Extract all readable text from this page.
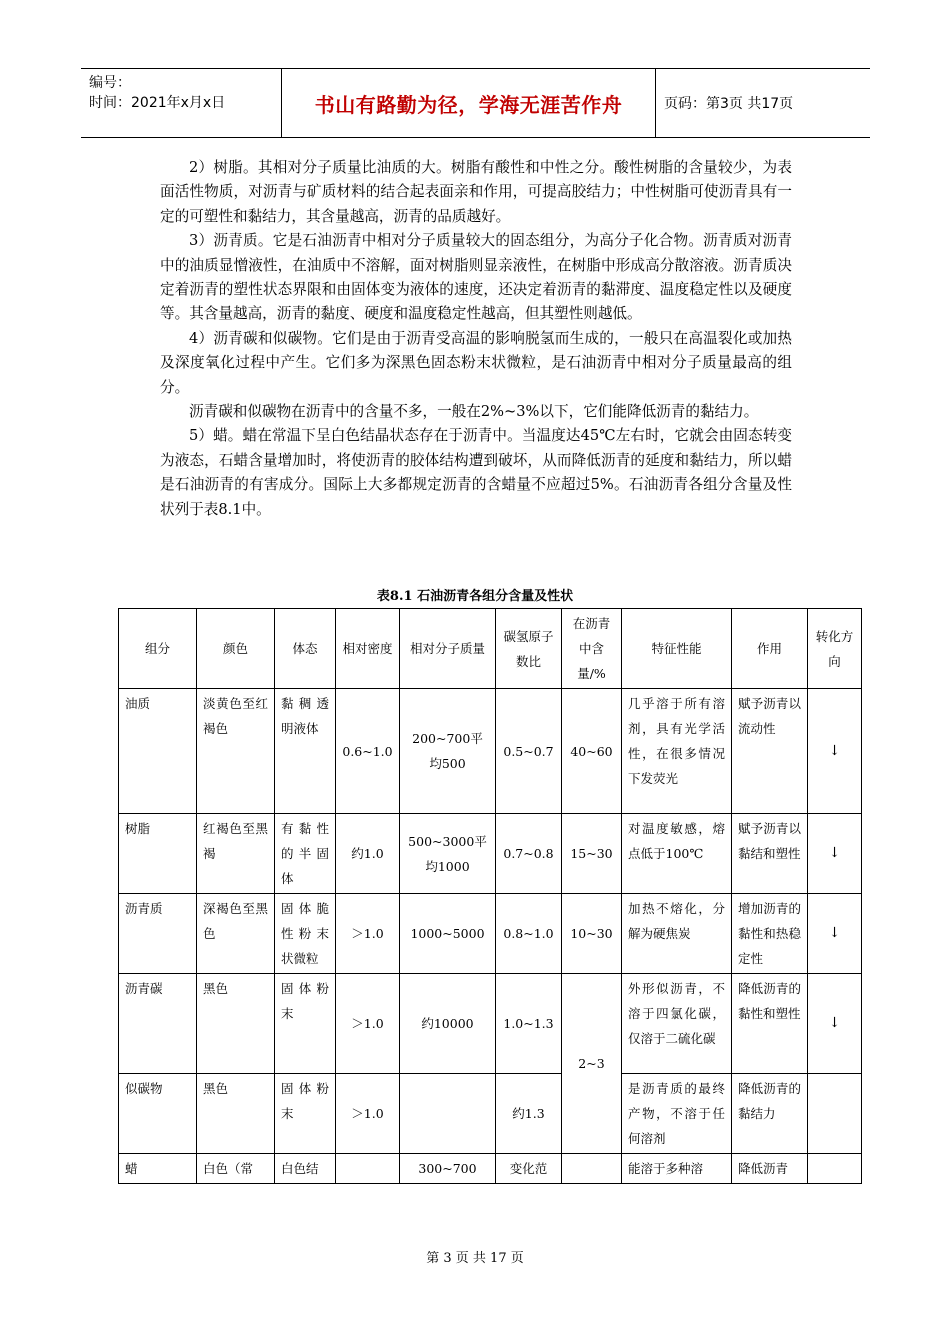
编号：
时间：2021年x月x日	书山有路勤为径，学海无涯苦作舟	页码：第3页 共17页

2）树脂。其相对分子质量比油质的大。树脂有酸性和中性之分。酸性树脂的含量较少，为表面活性物质，对沥青与矿质材料的结合起表面亲和作用，可提高胶结力；中性树脂可使沥青具有一定的可塑性和黏结力，其含量越高，沥青的品质越好。

3）沥青质。它是石油沥青中相对分子质量较大的固态组分，为高分子化合物。沥青质对沥青中的油质显憎液性，在油质中不溶解，面对树脂则显亲液性，在树脂中形成高分散溶液。沥青质决定着沥青的塑性状态界限和由固体变为液体的速度，还决定着沥青的黏滞度、温度稳定性以及硬度等。其含量越高，沥青的黏度、硬度和温度稳定性越高，但其塑性则越低。

4）沥青碳和似碳物。它们是由于沥青受高温的影响脱氢而生成的，一般只在高温裂化或加热及深度氧化过程中产生。它们多为深黑色固态粉末状微粒，是石油沥青中相对分子质量最高的组分。

沥青碳和似碳物在沥青中的含量不多，一般在2%~3%以下，它们能降低沥青的黏结力。

5）蜡。蜡在常温下呈白色结晶状态存在于沥青中。当温度达45℃左右时，它就会由固态转变为液态，石蜡含量增加时，将使沥青的胶体结构遭到破坏，从而降低沥青的延度和黏结力，所以蜡是石油沥青的有害成分。国际上大多都规定沥青的含蜡量不应超过5%。石油沥青各组分含量及性状列于表8.1中。

表8.1 石油沥青各组分含量及性状
组分	颜色	体态	相对密度	相对分子质量	碳氢原子数比	在沥青中含量/%	特征性能	作用	转化方向
油质	淡黄色至红褐色	黏稠透明液体	0.6~1.0	200~700平均500	0.5~0.7	40~60	几乎溶于所有溶剂，具有光学活性，在很多情况下发荧光	赋予沥青以流动性	↓
树脂	红褐色至黑褐	有黏性的半固体	约1.0	500~3000平均1000	0.7~0.8	15~30	对温度敏感，熔点低于100℃	赋予沥青以黏结和塑性	↓
沥青质	深褐色至黑色	固体脆性粉末状微粒	＞1.0	1000~5000	0.8~1.0	10~30	加热不熔化，分解为硬焦炭	增加沥青的黏性和热稳定性	↓
沥青碳	黑色	固体粉末	＞1.0	约10000	1.0~1.3	2~3	外形似沥青，不溶于四氯化碳，仅溶于二硫化碳	降低沥青的黏性和塑性	↓
似碳物	黑色	固体粉末	＞1.0		约1.3		是沥青质的最终产物，不溶于任何溶剂	降低沥青的黏结力	
蜡	白色（常	白色结		300~700	变化范		能溶于多种溶	降低沥青	
第 3 页 共 17 页
